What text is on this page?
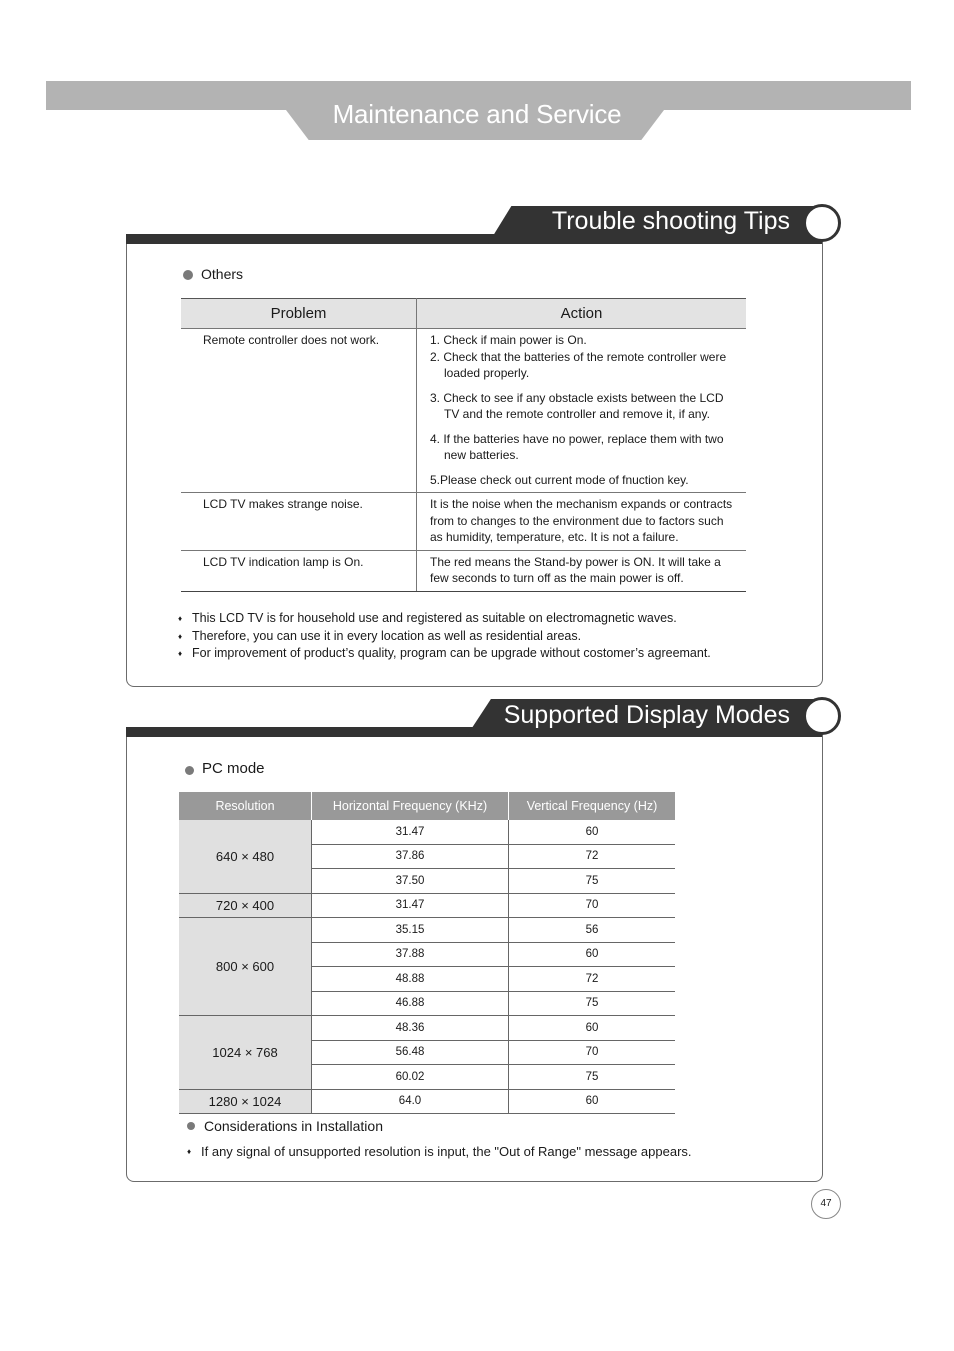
Maintenance and Service
Trouble shooting Tips
Others
Problem	Action
Remote controller does not work.	1. Check if main power is On.
2. Check that the batteries of the remote controller were loaded properly.
3. Check to see if any obstacle exists between the LCD TV and the remote controller and remove it, if any.
4. If the batteries have no power, replace them with two new batteries.
5.Please check out current mode of fnuction key.

LCD TV makes strange noise.	It is the noise when the mechanism expands or contracts from to changes to the environment due to factors such as humidity, temperature, etc. It is not a failure.

LCD TV indication lamp is On.	The red means the Stand-by power is ON. It will take a few seconds to turn off as the main power is off.
♦ This LCD TV is for household use and registered as suitable on electromagnetic waves.
♦ Therefore, you can use it in every location as well as residential areas.
♦ For improvement of product’s quality, program can be upgrade without costomer’s agreemant.
Supported Display Modes
PC mode
Resolution	Horizontal Frequency (KHz)	Vertical Frequency (Hz)
640 × 480	31.47	60
	37.86	72
	37.50	75
720 × 400	31.47	70
800 × 600	35.15	56
	37.88	60
	48.88	72
	46.88	75
1024 × 768	48.36	60
	56.48	70
	60.02	75
1280 × 1024	64.0	60
Considerations in Installation
♦ If any signal of unsupported resolution is input, the "Out of Range" message appears.
47
